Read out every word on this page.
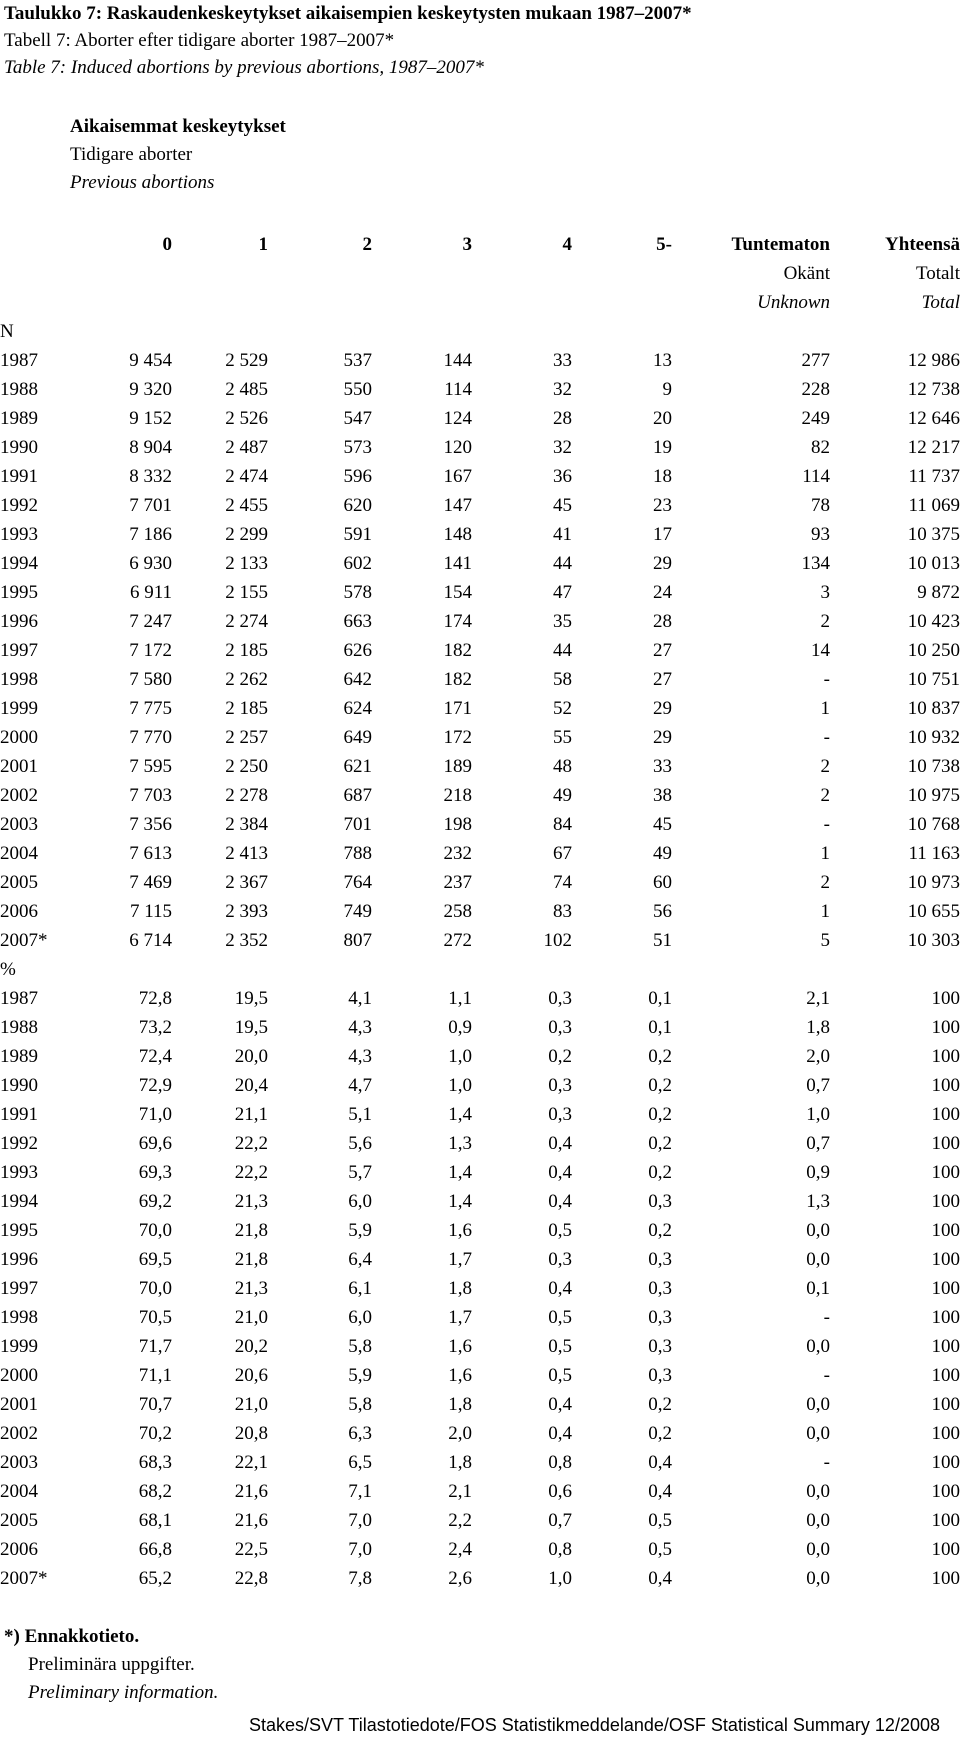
Taulukko 7: Raskaudenkeskeytykset aikaisempien keskeytysten mukaan 1987–2007*

Tabell 7: Aborter efter tidigare aborter 1987–2007*

Table 7: Induced abortions by previous abortions, 1987–2007*

Aikaisemmat keskeytykset
Tidigare aborter
Previous abortions
	0	1	2	3	4	5-	Tuntematon	Yhteensä
							Okänt	Totalt
							Unknown	Total
N								
1987	9 454	2 529	537	144	33	13	277	12 986
1988	9 320	2 485	550	114	32	9	228	12 738
1989	9 152	2 526	547	124	28	20	249	12 646
1990	8 904	2 487	573	120	32	19	82	12 217
1991	8 332	2 474	596	167	36	18	114	11 737
1992	7 701	2 455	620	147	45	23	78	11 069
1993	7 186	2 299	591	148	41	17	93	10 375
1994	6 930	2 133	602	141	44	29	134	10 013
1995	6 911	2 155	578	154	47	24	3	9 872
1996	7 247	2 274	663	174	35	28	2	10 423
1997	7 172	2 185	626	182	44	27	14	10 250
1998	7 580	2 262	642	182	58	27	-	10 751
1999	7 775	2 185	624	171	52	29	1	10 837
2000	7 770	2 257	649	172	55	29	-	10 932
2001	7 595	2 250	621	189	48	33	2	10 738
2002	7 703	2 278	687	218	49	38	2	10 975
2003	7 356	2 384	701	198	84	45	-	10 768
2004	7 613	2 413	788	232	67	49	1	11 163
2005	7 469	2 367	764	237	74	60	2	10 973
2006	7 115	2 393	749	258	83	56	1	10 655
2007*	6 714	2 352	807	272	102	51	5	10 303
%								
1987	72,8	19,5	4,1	1,1	0,3	0,1	2,1	100
1988	73,2	19,5	4,3	0,9	0,3	0,1	1,8	100
1989	72,4	20,0	4,3	1,0	0,2	0,2	2,0	100
1990	72,9	20,4	4,7	1,0	0,3	0,2	0,7	100
1991	71,0	21,1	5,1	1,4	0,3	0,2	1,0	100
1992	69,6	22,2	5,6	1,3	0,4	0,2	0,7	100
1993	69,3	22,2	5,7	1,4	0,4	0,2	0,9	100
1994	69,2	21,3	6,0	1,4	0,4	0,3	1,3	100
1995	70,0	21,8	5,9	1,6	0,5	0,2	0,0	100
1996	69,5	21,8	6,4	1,7	0,3	0,3	0,0	100
1997	70,0	21,3	6,1	1,8	0,4	0,3	0,1	100
1998	70,5	21,0	6,0	1,7	0,5	0,3	-	100
1999	71,7	20,2	5,8	1,6	0,5	0,3	0,0	100
2000	71,1	20,6	5,9	1,6	0,5	0,3	-	100
2001	70,7	21,0	5,8	1,8	0,4	0,2	0,0	100
2002	70,2	20,8	6,3	2,0	0,4	0,2	0,0	100
2003	68,3	22,1	6,5	1,8	0,8	0,4	-	100
2004	68,2	21,6	7,1	2,1	0,6	0,4	0,0	100
2005	68,1	21,6	7,0	2,2	0,7	0,5	0,0	100
2006	66,8	22,5	7,0	2,4	0,8	0,5	0,0	100
2007*	65,2	22,8	7,8	2,6	1,0	0,4	0,0	100
*) Ennakkotieto.
Preliminära uppgifter.
Preliminary information.
Stakes/SVT Tilastotiedote/FOS Statistikmeddelande/OSF Statistical Summary 12/2008
